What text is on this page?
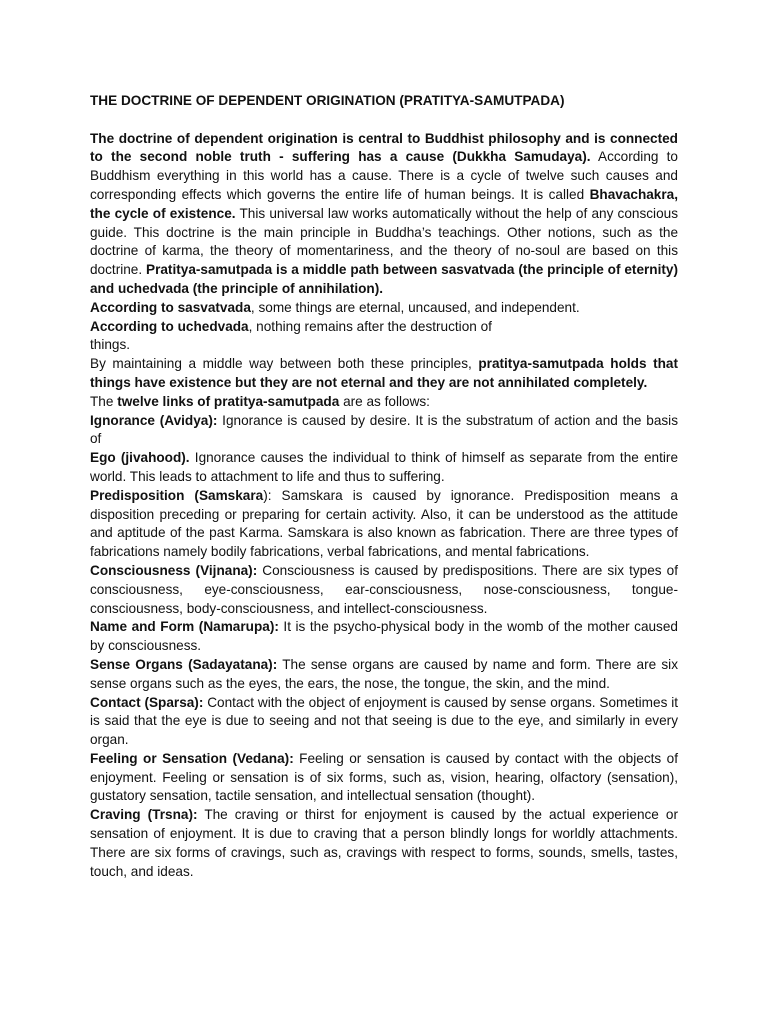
THE DOCTRINE OF DEPENDENT ORIGINATION (PRATITYA-SAMUTPADA)

The doctrine of dependent origination is central to Buddhist philosophy and is connected to the second noble truth - suffering has a cause (Dukkha Samudaya). According to Buddhism everything in this world has a cause. There is a cycle of twelve such causes and corresponding effects which governs the entire life of human beings. It is called Bhavachakra, the cycle of existence. This universal law works automatically without the help of any conscious guide. This doctrine is the main principle in Buddha’s teachings. Other notions, such as the doctrine of karma, the theory of momentariness, and the theory of no-soul are based on this doctrine. Pratitya-samutpada is a middle path between sasvatvada (the principle of eternity) and uchedvada (the principle of annihilation).

According to sasvatvada, some things are eternal, uncaused, and independent.

According to uchedvada, nothing remains after the destruction of
things.

By maintaining a middle way between both these principles, pratitya-samutpada holds that things have existence but they are not eternal and they are not annihilated completely.

The twelve links of pratitya-samutpada are as follows:

Ignorance (Avidya): Ignorance is caused by desire. It is the substratum of action and the basis of

Ego (jivahood). Ignorance causes the individual to think of himself as separate from the entire world. This leads to attachment to life and thus to suffering.

Predisposition (Samskara): Samskara is caused by ignorance. Predisposition means a disposition preceding or preparing for certain activity. Also, it can be understood as the attitude and aptitude of the past Karma. Samskara is also known as fabrication. There are three types of fabrications namely bodily fabrications, verbal fabrications, and mental fabrications.

Consciousness (Vijnana): Consciousness is caused by predispositions. There are six types of consciousness, eye-consciousness, ear-consciousness, nose-consciousness, tongue-consciousness, body-consciousness, and intellect-consciousness.

Name and Form (Namarupa): It is the psycho-physical body in the womb of the mother caused by consciousness.

Sense Organs (Sadayatana): The sense organs are caused by name and form. There are six sense organs such as the eyes, the ears, the nose, the tongue, the skin, and the mind.

Contact (Sparsa): Contact with the object of enjoyment is caused by sense organs. Sometimes it is said that the eye is due to seeing and not that seeing is due to the eye, and similarly in every organ.

Feeling or Sensation (Vedana): Feeling or sensation is caused by contact with the objects of enjoyment. Feeling or sensation is of six forms, such as, vision, hearing, olfactory (sensation), gustatory sensation, tactile sensation, and intellectual sensation (thought).

Craving (Trsna): The craving or thirst for enjoyment is caused by the actual experience or sensation of enjoyment. It is due to craving that a person blindly longs for worldly attachments. There are six forms of cravings, such as, cravings with respect to forms, sounds, smells, tastes, touch, and ideas.
